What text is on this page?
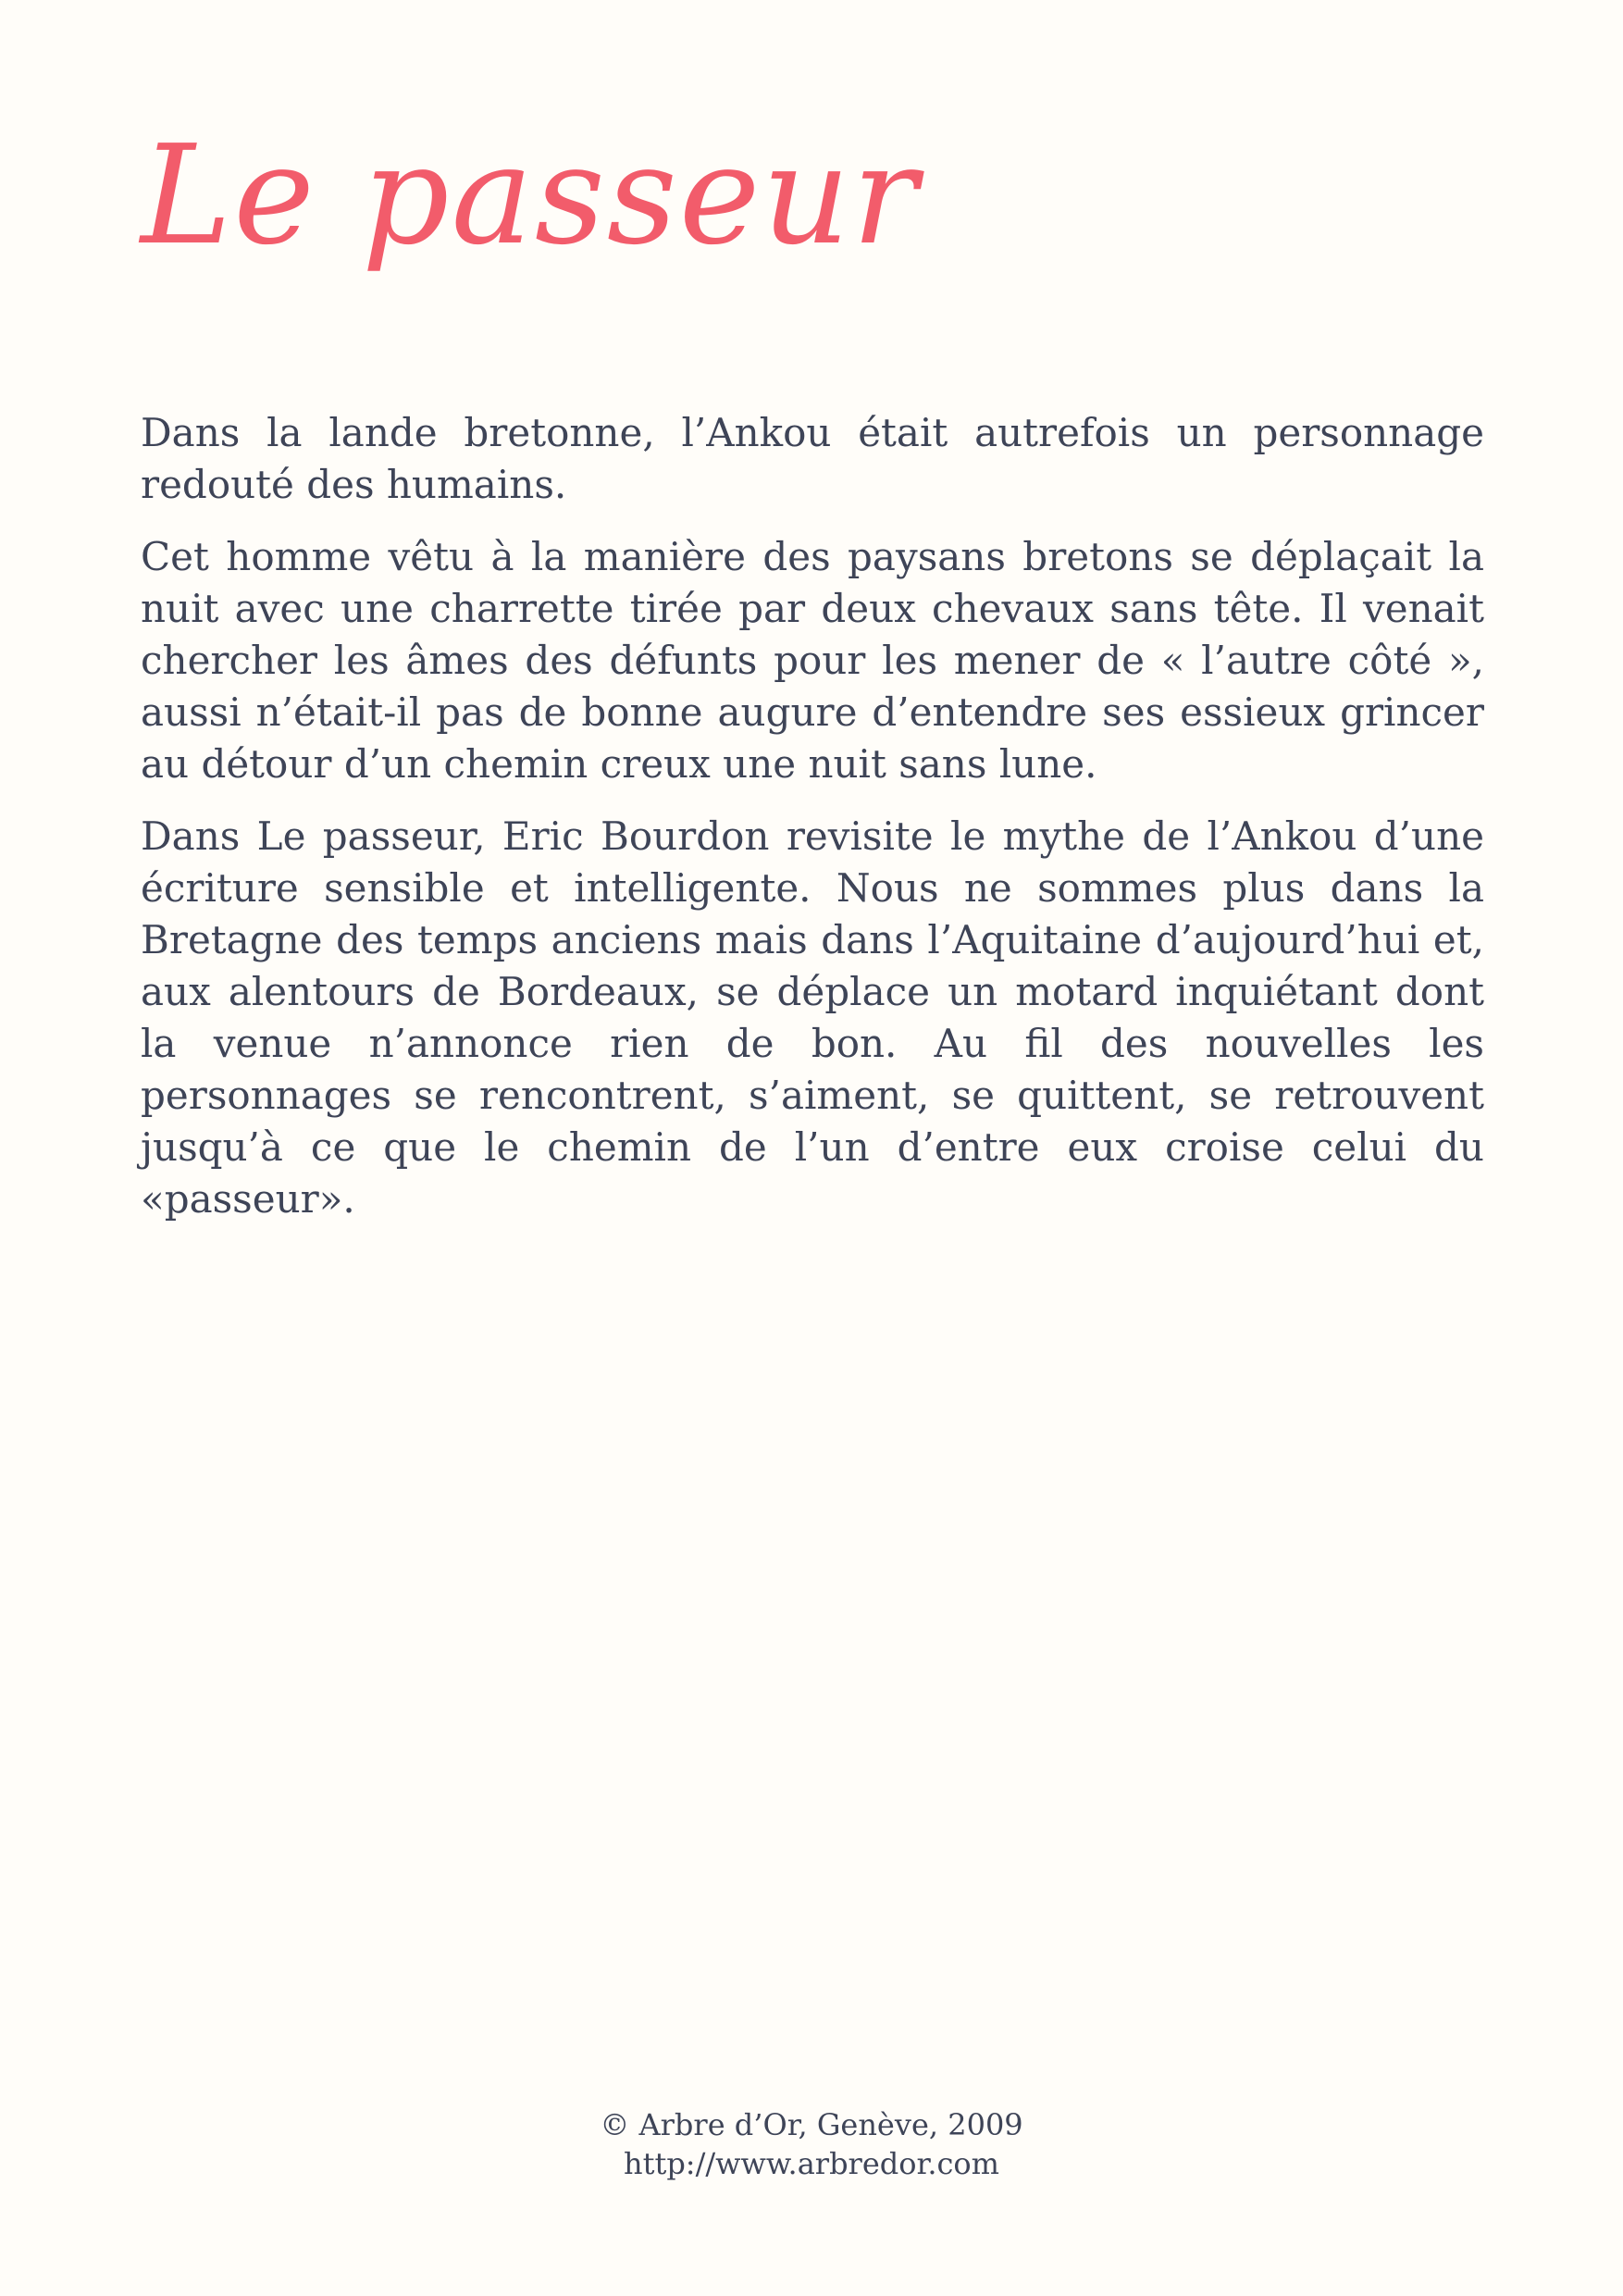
Le passeur

Dans la lande bretonne, l’Ankou était autrefois un personnage redouté des humains.

Cet homme vêtu à la manière des paysans bretons se déplaçait la nuit avec une charrette tirée par deux chevaux sans tête. Il venait chercher les âmes des défunts pour les mener de « l’autre côté », aussi n’était-il pas de bonne augure d’entendre ses essieux grincer au détour d’un chemin creux une nuit sans lune.

Dans Le passeur, Eric Bourdon revisite le mythe de l’Ankou d’une écriture sensible et intelligente. Nous ne sommes plus dans la Bretagne des temps anciens mais dans l’Aquitaine d’aujourd’hui et, aux alentours de Bordeaux, se déplace un motard inquiétant dont la venue n’annonce rien de bon. Au fil des nouvelles les personnages se rencontrent, s’aiment, se quittent, se retrouvent jusqu’à ce que le chemin de l’un d’entre eux croise celui du «passeur».

© Arbre d’Or, Genève, 2009
http://www.arbredor.com
